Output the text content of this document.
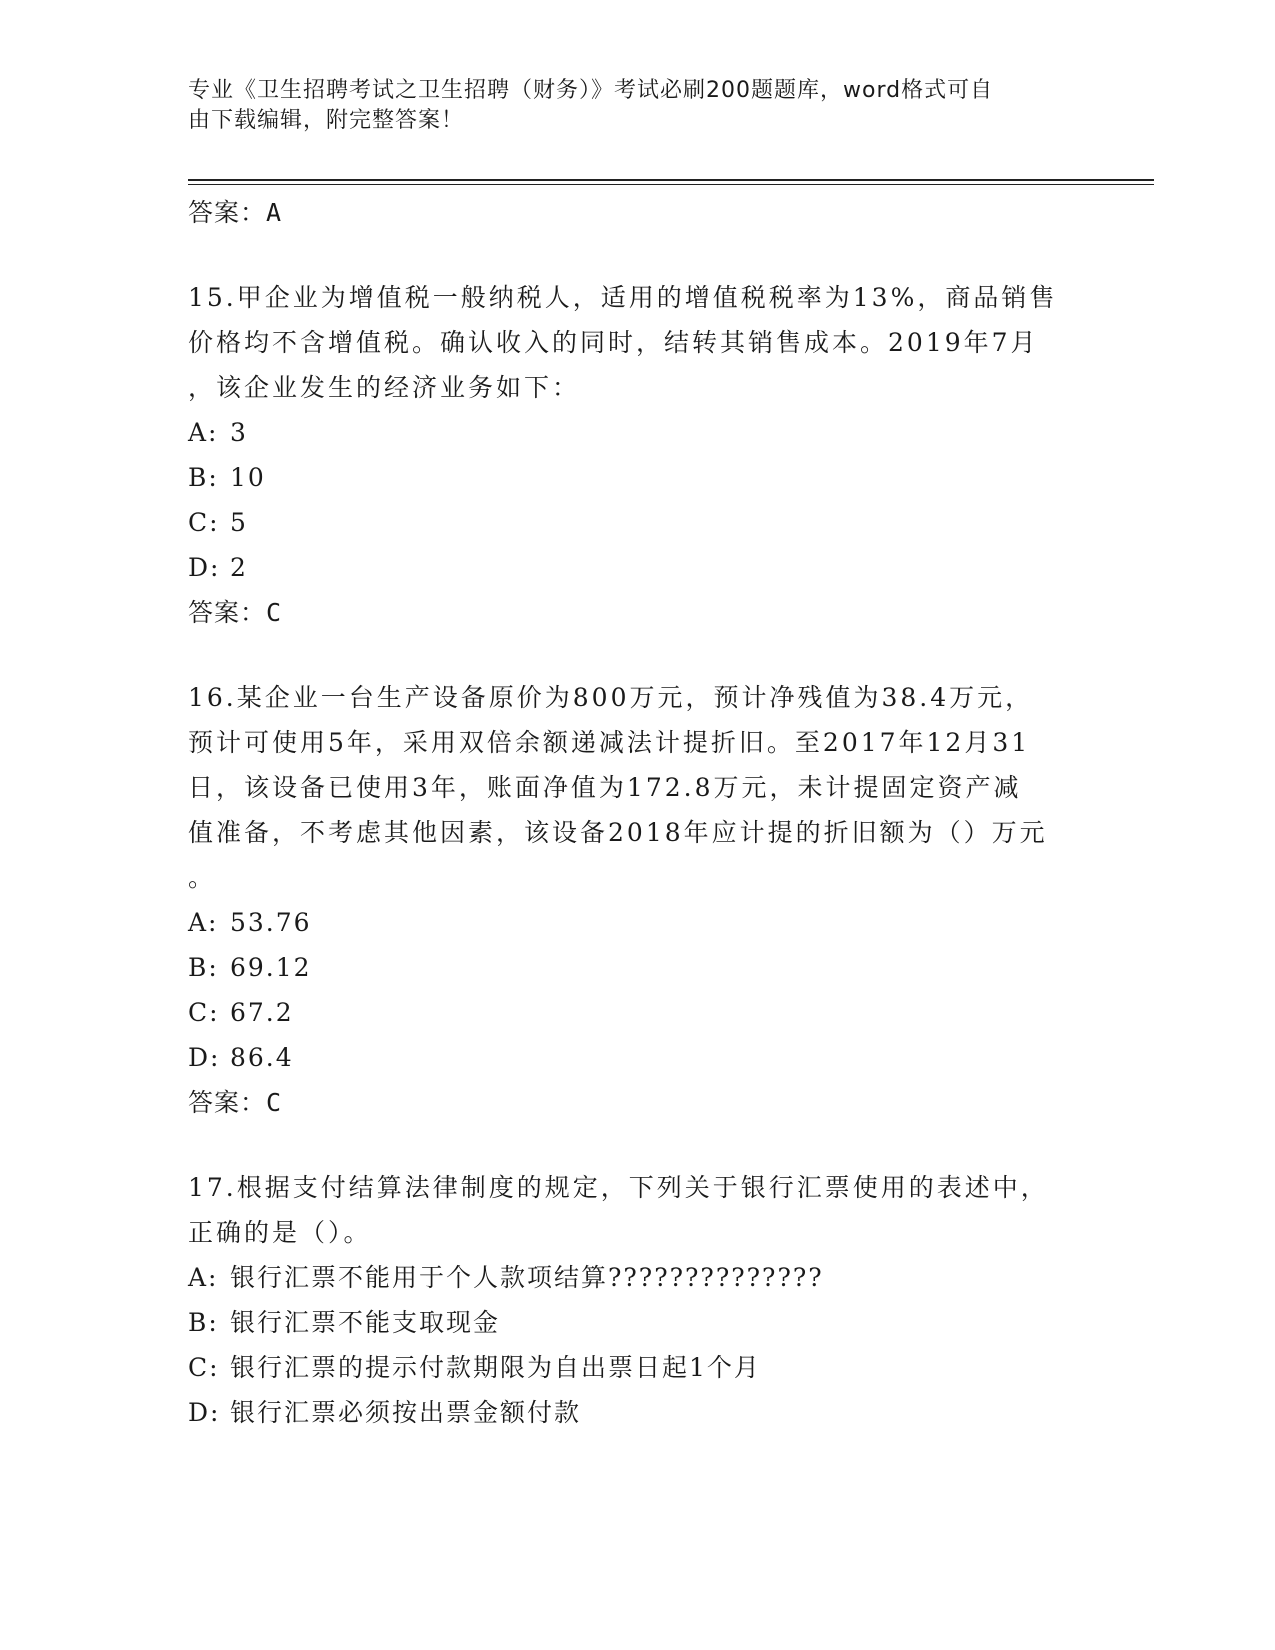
专业《卫生招聘考试之卫生招聘（财务）》考试必刷200题题库，word格式可自
由下载编辑，附完整答案！
答案：A
15.甲企业为增值税一般纳税人，适用的增值税税率为13%，商品销售
价格均不含增值税。确认收入的同时，结转其销售成本。2019年7月
，该企业发生的经济业务如下：
A: 3
B: 10
C: 5
D: 2
答案：C
16.某企业一台生产设备原价为800万元，预计净残值为38.4万元，
预计可使用5年，采用双倍余额递减法计提折旧。至2017年12月31
日，该设备已使用3年，账面净值为172.8万元，未计提固定资产减
值准备，不考虑其他因素，该设备2018年应计提的折旧额为（）万元
。
A: 53.76
B: 69.12
C: 67.2
D: 86.4
答案：C
17.根据支付结算法律制度的规定，下列关于银行汇票使用的表述中，
正确的是（）。
A: 银行汇票不能用于个人款项结算??????????????
B: 银行汇票不能支取现金
C: 银行汇票的提示付款期限为自出票日起1个月
D: 银行汇票必须按出票金额付款
